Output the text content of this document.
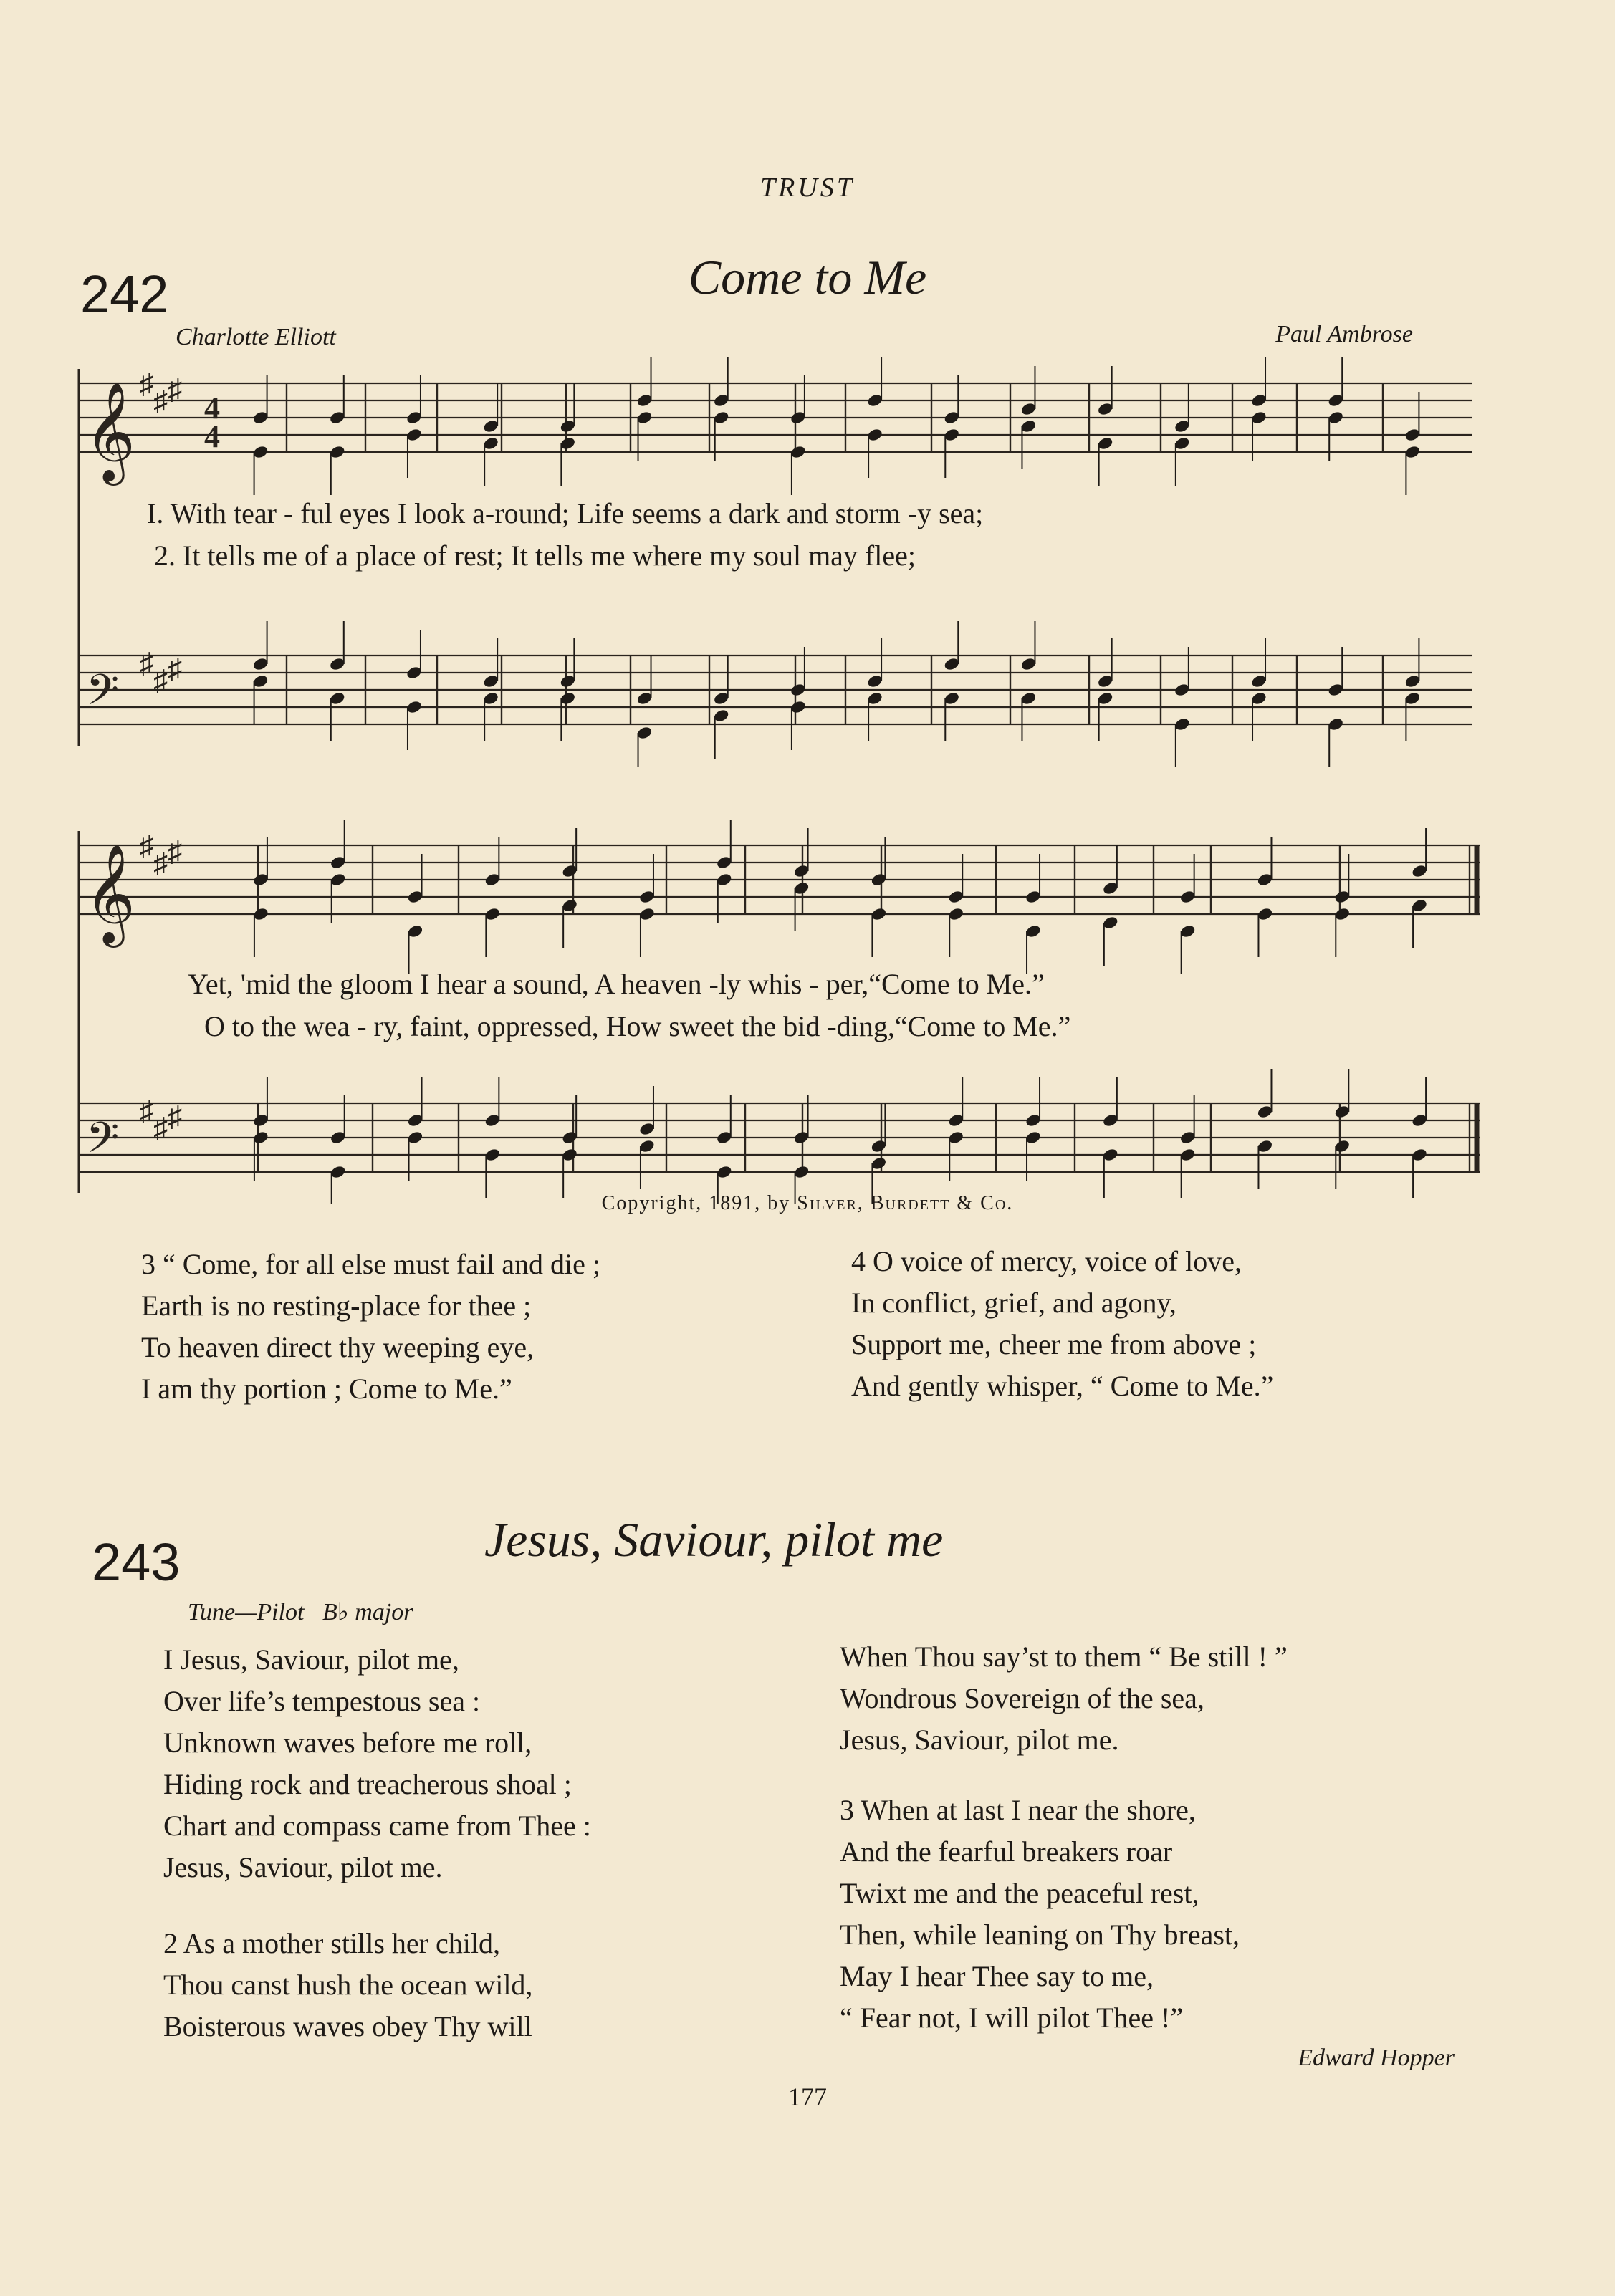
TRUST
242	Come to Me
Charlotte Elliott	Paul Ambrose
𝄞
𝄢
♯
♯
♯
♯
♯
♯
4
4
I. With tear - ful eyes I look a-round; Life seems a dark and storm -y sea;
2. It tells me of a place of rest; It tells me where my soul may flee;
𝄞
𝄢
♯
♯
♯
♯
♯
♯
Yet, 'mid the gloom I hear a sound, A heaven -ly whis - per,“Come to Me.”
O to the wea - ry, faint, oppressed, How sweet the bid -ding,“Come to Me.”
Copyright, 1891, by Silver, Burdett & Co.
3 “ Come, for all else must fail and die ;
Earth is no resting-place for thee ;
To heaven direct thy weeping eye,
I am thy portion ; Come to Me.”
4 O voice of mercy, voice of love,
In conflict, grief, and agony,
Support me, cheer me from above ;
And gently whisper, “ Come to Me.”
243	Jesus, Saviour, pilot me
Tune—Pilot B♭ major
I Jesus, Saviour, pilot me,
Over life’s tempestous sea :
Unknown waves before me roll,
Hiding rock and treacherous shoal ;
Chart and compass came from Thee :
Jesus, Saviour, pilot me.
2 As a mother stills her child,
Thou canst hush the ocean wild,
Boisterous waves obey Thy will
When Thou say’st to them “ Be still ! ”
Wondrous Sovereign of the sea,
Jesus, Saviour, pilot me.
3 When at last I near the shore,
And the fearful breakers roar
Twixt me and the peaceful rest,
Then, while leaning on Thy breast,
May I hear Thee say to me,
“ Fear not, I will pilot Thee !”
Edward Hopper
177
